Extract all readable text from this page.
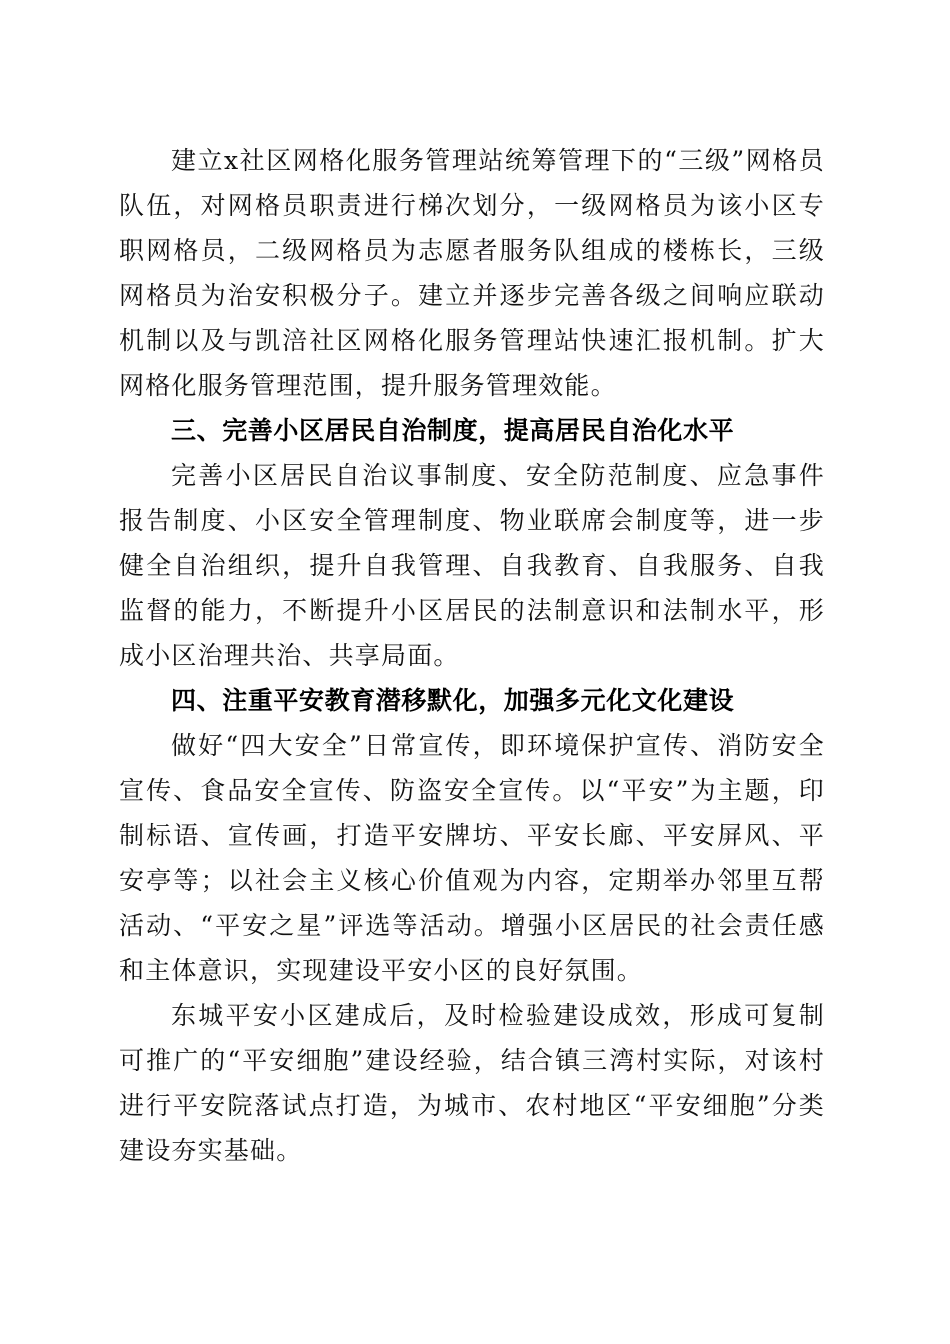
建立x社区网格化服务管理站统筹管理下的“三级”网格员队伍，对网格员职责进行梯次划分，一级网格员为该小区专职网格员，二级网格员为志愿者服务队组成的楼栋长，三级网格员为治安积极分子。建立并逐步完善各级之间响应联动机制以及与凯涪社区网格化服务管理站快速汇报机制。扩大网格化服务管理范围，提升服务管理效能。

三、完善小区居民自治制度，提高居民自治化水平

完善小区居民自治议事制度、安全防范制度、应急事件报告制度、小区安全管理制度、物业联席会制度等，进一步健全自治组织，提升自我管理、自我教育、自我服务、自我监督的能力，不断提升小区居民的法制意识和法制水平，形成小区治理共治、共享局面。

四、注重平安教育潜移默化，加强多元化文化建设

做好“四大安全”日常宣传，即环境保护宣传、消防安全宣传、食品安全宣传、防盗安全宣传。以“平安”为主题，印制标语、宣传画，打造平安牌坊、平安长廊、平安屏风、平安亭等；以社会主义核心价值观为内容，定期举办邻里互帮活动、“平安之星”评选等活动。增强小区居民的社会责任感和主体意识，实现建设平安小区的良好氛围。

东城平安小区建成后，及时检验建设成效，形成可复制可推广的“平安细胞”建设经验，结合镇三湾村实际，对该村进行平安院落试点打造，为城市、农村地区“平安细胞”分类建设夯实基础。
